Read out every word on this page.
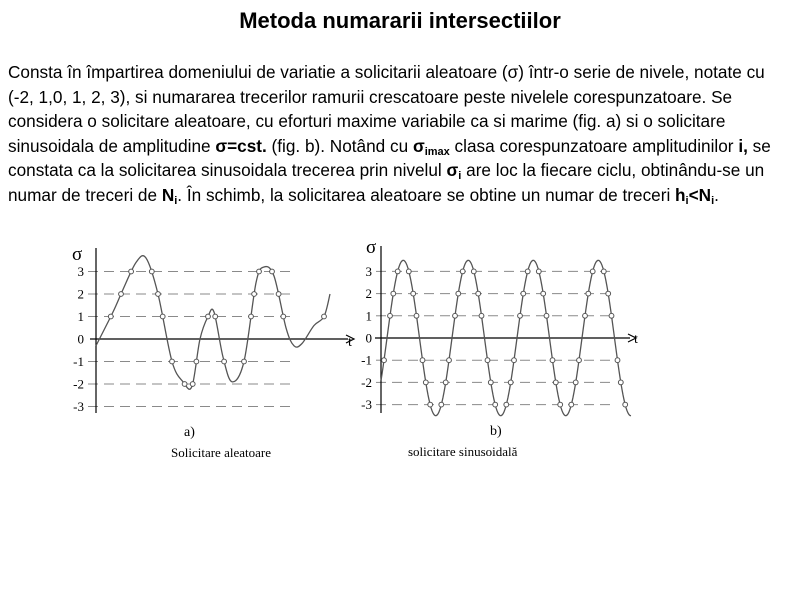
Metoda numararii intersectiilor
Consta în împartirea domeniului de variatie a solicitarii aleatoare (σ) într-o serie de nivele, notate cu (-2, 1,0, 1, 2, 3), si numararea trecerilor ramurii crescatoare peste nivelele corespunzatoare. Se considera o solicitare aleatoare, cu eforturi maxime variabile ca si marime (fig. a) si o solicitare sinusoidala de amplitudine σ=cst. (fig. b). Notând cu $\sigma_{imax}$ clasa corespunzatoare amplitudinilor i, se constata ca la solicitarea sinusoidala trecerea prin nivelul $\sigma_i$ are loc la fiecare ciclu, obtinându-se un numar de treceri de $N_i$. În schimb, la solicitarea aleatoare se obtine un numar de treceri $h_i<N_i$.
3
2
1
0
-1
-2
-3
σ
t
a)
Solicitare aleatoare
3
2
1
0
-1
-2
-3
σ
t
b)
solicitare sinusoidală
